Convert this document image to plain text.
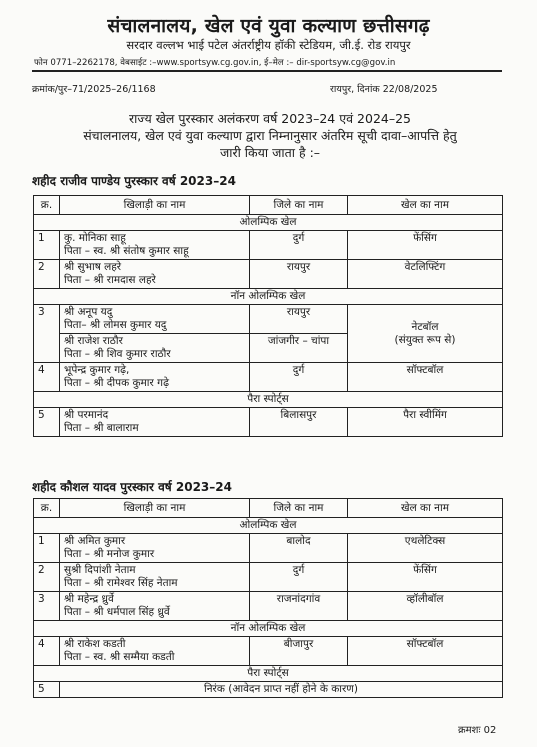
संचालनालय, खेल एवं युवा कल्याण छत्तीसगढ़
सरदार वल्लभ भाई पटेल अंतर्राष्ट्रीय हॉकी स्टेडियम, जी.ई. रोड रायपुर
फोन 0771–2262178, वेबसाईट :–www.sportsyw.cg.gov.in, ई–मेल :– dir-sportsyw.cg@gov.in
क्रमांक/पुर–71/2025–26/1168	रायपुर, दिनांक 22/08/2025
राज्य खेल पुरस्कार अलंकरण वर्ष 2023–24 एवं 2024–25
संचालनालय, खेल एवं युवा कल्याण द्वारा निम्नानुसार अंतरिम सूची दावा–आपत्ति हेतु
जारी किया जाता है :–
शहीद राजीव पाण्डेय पुरस्कार वर्ष 2023–24
क्र.	खिलाड़ी का नाम	जिले का नाम	खेल का नाम
ओलम्पिक खेल			
1	कु. मोनिका साहू
पिता – स्व. श्री संतोष कुमार साहू	दुर्ग	फेंसिंग
2	श्री सुभाष लहरे
पिता – श्री रामदास लहरे	रायपुर	वेटलिफ्टिंग
नॉन ओलम्पिक खेल			
3	श्री अनूप यदु
पिता– श्री लोमस कुमार यदु	रायपुर	नेटबॉल
(संयुक्त रूप से)

	श्री राजेश राठौर
पिता – श्री शिव कुमार राठौर	जांजगीर – चांपा	
4	भूपेन्द्र कुमार गढ़े,
पिता – श्री दीपक कुमार गढ़े	दुर्ग	सॉफ्टबॉल
पैरा स्पोर्ट्स			
5	श्री परमानंद
पिता – श्री बालाराम	बिलासपुर	पैरा स्वीमिंग
शहीद कौशल यादव पुरस्कार वर्ष 2023–24
क्र.	खिलाड़ी का नाम	जिले का नाम	खेल का नाम
ओलम्पिक खेल			
1	श्री अमित कुमार
पिता – श्री मनोज कुमार	बालोद	एथलेटिक्स
2	सुश्री दिपांशी नेताम
पिता – श्री रामेश्वर सिंह नेताम	दुर्ग	फेंसिंग
3	श्री महेन्द्र ध्रुर्वे
पिता – श्री धर्मपाल सिंह ध्रुर्वे	राजनांदगांव	व्हॉलीबॉल
नॉन ओलम्पिक खेल			
4	श्री राकेश कडती
पिता – स्व. श्री सम्मैया कडती	बीजापुर	सॉफ्टबॉल
पैरा स्पोर्ट्स			
5	निरंक (आवेदन प्राप्त नहीं होने के कारण)		
क्रमशः 02
